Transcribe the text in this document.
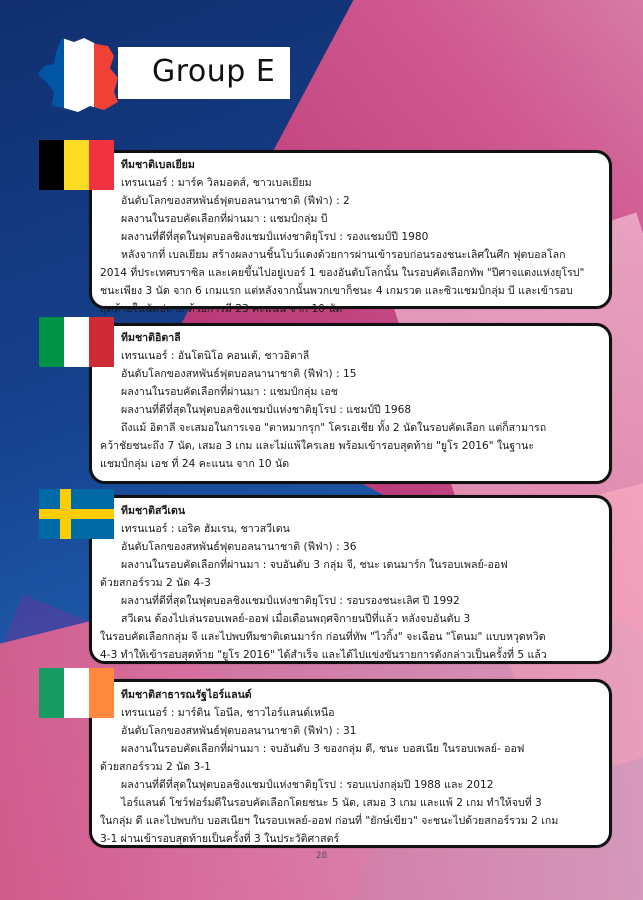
Group E
ทีมชาติเบลเยียม
เทรนเนอร์ : มาร์ค วิลมอตส์, ชาวเบลเยียม
อันดับโลกของสหพันธ์ฟุตบอลนานาชาติ (ฟีฟ่า) : 2
ผลงานในรอบคัดเลือกที่ผ่านมา : แชมป์กลุ่ม บี
ผลงานที่ดีที่สุดในฟุตบอลชิงแชมป์แห่งชาติยุโรป : รองแชมป์ปี 1980
หลังจากที่ เบลเยียม สร้างผลงานชิ้นโบว์แดงด้วยการผ่านเข้ารอบก่อนรองชนะเลิศในศึก ฟุตบอลโลก
2014 ที่ประเทศบราซิล และเคยขึ้นไปอยู่เบอร์ 1 ของอันดับโลกนั้น ในรอบคัดเลือกทัพ "ปีศาจแดงแห่งยุโรป"
ชนะเพียง 3 นัด จาก 6 เกมแรก แต่หลังจากนั้นพวกเขาก็ชนะ 4 เกมรวด และซิวแชมป์กลุ่ม บี และเข้ารอบ
สุดท้ายในนัดปลาย ด้วยการมี 23 คะแนน จาก 10 นัด
ทีมชาติอิตาลี
เทรนเนอร์ : อันโตนิโอ คอนเต้, ชาวอิตาลี
อันดับโลกของสหพันธ์ฟุตบอลนานาชาติ (ฟีฟ่า) : 15
ผลงานในรอบคัดเลือกที่ผ่านมา : แชมป์กลุ่ม เอช
ผลงานที่ดีที่สุดในฟุตบอลชิงแชมป์แห่งชาติยุโรป : แชมป์ปี 1968
ถึงแม้ อิตาลี จะเสมอในการเจอ "ตาหมากรุก" โครเอเชีย ทั้ง 2 นัดในรอบคัดเลือก แต่ก็สามารถ
คว้าชัยชนะถึง 7 นัด, เสมอ 3 เกม และไม่แพ้ใครเลย พร้อมเข้ารอบสุดท้าย "ยูโร 2016" ในฐานะ
แชมป์กลุ่ม เอช ที่ 24 คะแนน จาก 10 นัด
ทีมชาติสวีเดน
เทรนเนอร์ : เอริค ฮัมเรน, ชาวสวีเดน
อันดับโลกของสหพันธ์ฟุตบอลนานาชาติ (ฟีฟ่า) : 36
ผลงานในรอบคัดเลือกที่ผ่านมา : จบอันดับ 3 กลุ่ม จี, ชนะ เดนมาร์ก ในรอบเพลย์-ออฟ
ด้วยสกอร์รวม 2 นัด 4-3
ผลงานที่ดีที่สุดในฟุตบอลชิงแชมป์แห่งชาติยุโรป : รอบรองชนะเลิศ ปี 1992
สวีเดน ต้องไปเล่นรอบเพลย์-ออฟ เมื่อเดือนพฤศจิกายนปีที่แล้ว หลังจบอันดับ 3
ในรอบคัดเลือกกลุ่ม จี และไปพบทีมชาติเดนมาร์ก ก่อนที่ทัพ "ไวกิ้ง" จะเฉือน "โดนม" แบบหวุดหวิด
4-3 ทำให้เข้ารอบสุดท้าย "ยูโร 2016" ได้สำเร็จ และได้ไปแข่งขันรายการดังกล่าวเป็นครั้งที่ 5 แล้ว
ทีมชาติสาธารณรัฐไอร์แลนด์
เทรนเนอร์ : มาร์ติน โอนีล, ชาวไอร์แลนด์เหนือ
อันดับโลกของสหพันธ์ฟุตบอลนานาชาติ (ฟีฟ่า) : 31
ผลงานในรอบคัดเลือกที่ผ่านมา : จบอันดับ 3 ของกลุ่ม ดี, ชนะ บอสเนีย ในรอบเพลย์- ออฟ
ด้วยสกอร์รวม 2 นัด 3-1
ผลงานที่ดีที่สุดในฟุตบอลชิงแชมป์แห่งชาติยุโรป : รอบแบ่งกลุ่มปี 1988 และ 2012
ไอร์แลนด์ โชว์ฟอร์มดีในรอบคัดเลือกโดยชนะ 5 นัด, เสมอ 3 เกม และแพ้ 2 เกม ทำให้จบที่ 3
ในกลุ่ม ดี และไปพบกับ บอสเนียฯ ในรอบเพลย์-ออฟ ก่อนที่ "ยักษ์เขียว" จะชนะไปด้วยสกอร์รวม 2 เกม
3-1 ผ่านเข้ารอบสุดท้ายเป็นครั้งที่ 3 ในประวัติศาสตร์
28
